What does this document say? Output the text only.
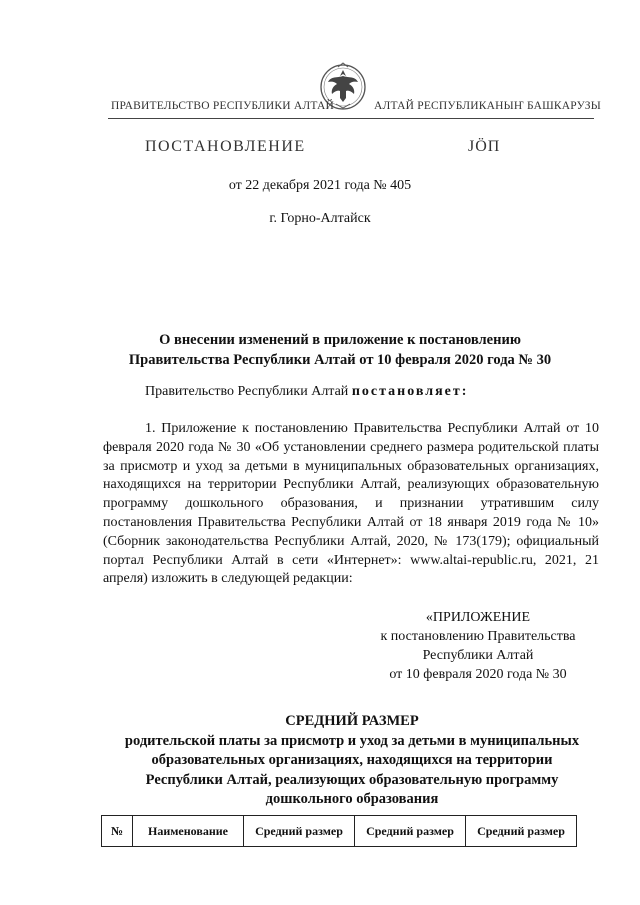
ПРАВИТЕЛЬСТВО РЕСПУБЛИКИ АЛТАЙ	АЛТАЙ РЕСПУБЛИКАНЫҤ БАШКАРУЗЫ
ПОСТАНОВЛЕНИЕ	ЈÖП
от 22 декабря 2021 года № 405
г. Горно-Алтайск
О внесении изменений в приложение к постановлению
Правительства Республики Алтай от 10 февраля 2020 года № 30
Правительство Республики Алтай постановляет:

1. Приложение к постановлению Правительства Республики Алтай от 10 февраля 2020 года № 30 «Об установлении среднего размера родительской платы за присмотр и уход за детьми в муниципальных образовательных организациях, находящихся на территории Республики Алтай, реализующих образовательную программу дошкольного образования, и признании утратившим силу постановления Правительства Республики Алтай от 18 января 2019 года № 10» (Сборник законодательства Республики Алтай, 2020, № 173(179); официальный портал Республики Алтай в сети «Интернет»: www.altai-republic.ru, 2021, 21 апреля) изложить в следующей редакции:

«ПРИЛОЖЕНИЕ
к постановлению Правительства
Республики Алтай
от 10 февраля 2020 года № 30
СРЕДНИЙ РАЗМЕР
родительской платы за присмотр и уход за детьми в муниципальных
образовательных организациях, находящихся на территории
Республики Алтай, реализующих образовательную программу
дошкольного образования
№	Наименование	Средний размер	Средний размер	Средний размер
